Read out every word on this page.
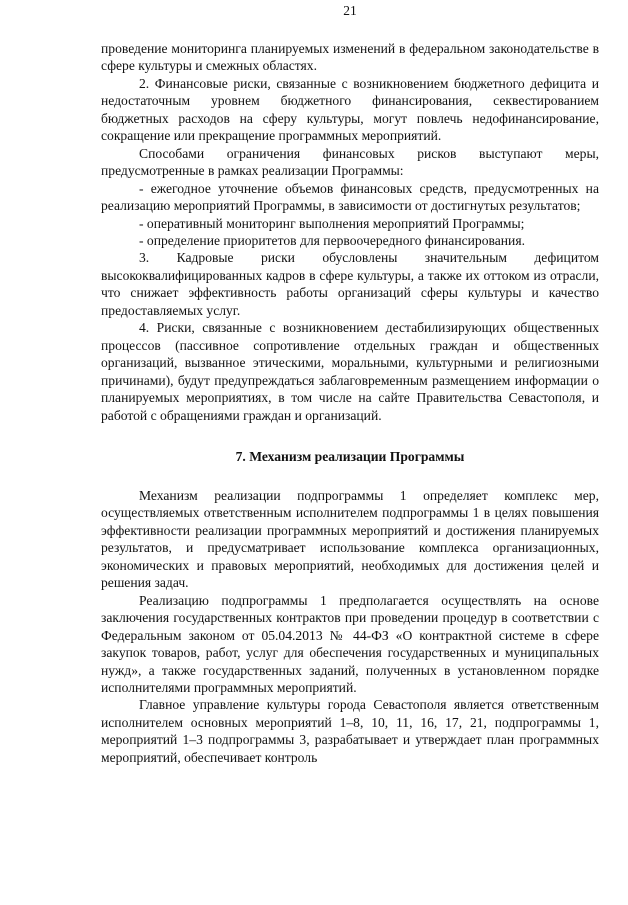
21

проведение мониторинга планируемых изменений в федеральном законодательстве в сфере культуры и смежных областях.

2. Финансовые риски, связанные с возникновением бюджетного дефицита и недостаточным уровнем бюджетного финансирования, секвестированием бюджетных расходов на сферу культуры, могут повлечь недофинансирование, сокращение или прекращение программных мероприятий.

Способами ограничения финансовых рисков выступают меры, предусмотренные в рамках реализации Программы:

- ежегодное уточнение объемов финансовых средств, предусмотренных на реализацию мероприятий Программы, в зависимости от достигнутых результатов;

- оперативный мониторинг выполнения мероприятий Программы;

- определение приоритетов для первоочередного финансирования.

3. Кадровые риски обусловлены значительным дефицитом высококвалифицированных кадров в сфере культуры, а также их оттоком из отрасли, что снижает эффективность работы организаций сферы культуры и качество предоставляемых услуг.

4. Риски, связанные с возникновением дестабилизирующих общественных процессов (пассивное сопротивление отдельных граждан и общественных организаций, вызванное этическими, моральными, культурными и религиозными причинами), будут предупреждаться заблаговременным размещением информации о планируемых мероприятиях, в том числе на сайте Правительства Севастополя, и работой с обращениями граждан и организаций.

7. Механизм реализации Программы

Механизм реализации подпрограммы 1 определяет комплекс мер, осуществляемых ответственным исполнителем подпрограммы 1 в целях повышения эффективности реализации программных мероприятий и достижения планируемых результатов, и предусматривает использование комплекса организационных, экономических и правовых мероприятий, необходимых для достижения целей и решения задач.

Реализацию подпрограммы 1 предполагается осуществлять на основе заключения государственных контрактов при проведении процедур в соответствии с Федеральным законом от 05.04.2013 № 44-ФЗ «О контрактной системе в сфере закупок товаров, работ, услуг для обеспечения государственных и муниципальных нужд», а также государственных заданий, полученных в установленном порядке исполнителями программных мероприятий.

Главное управление культуры города Севастополя является ответственным исполнителем основных мероприятий 1–8, 10, 11, 16, 17, 21, подпрограммы 1, мероприятий 1–3 подпрограммы 3, разрабатывает и утверждает план программных мероприятий, обеспечивает контроль
